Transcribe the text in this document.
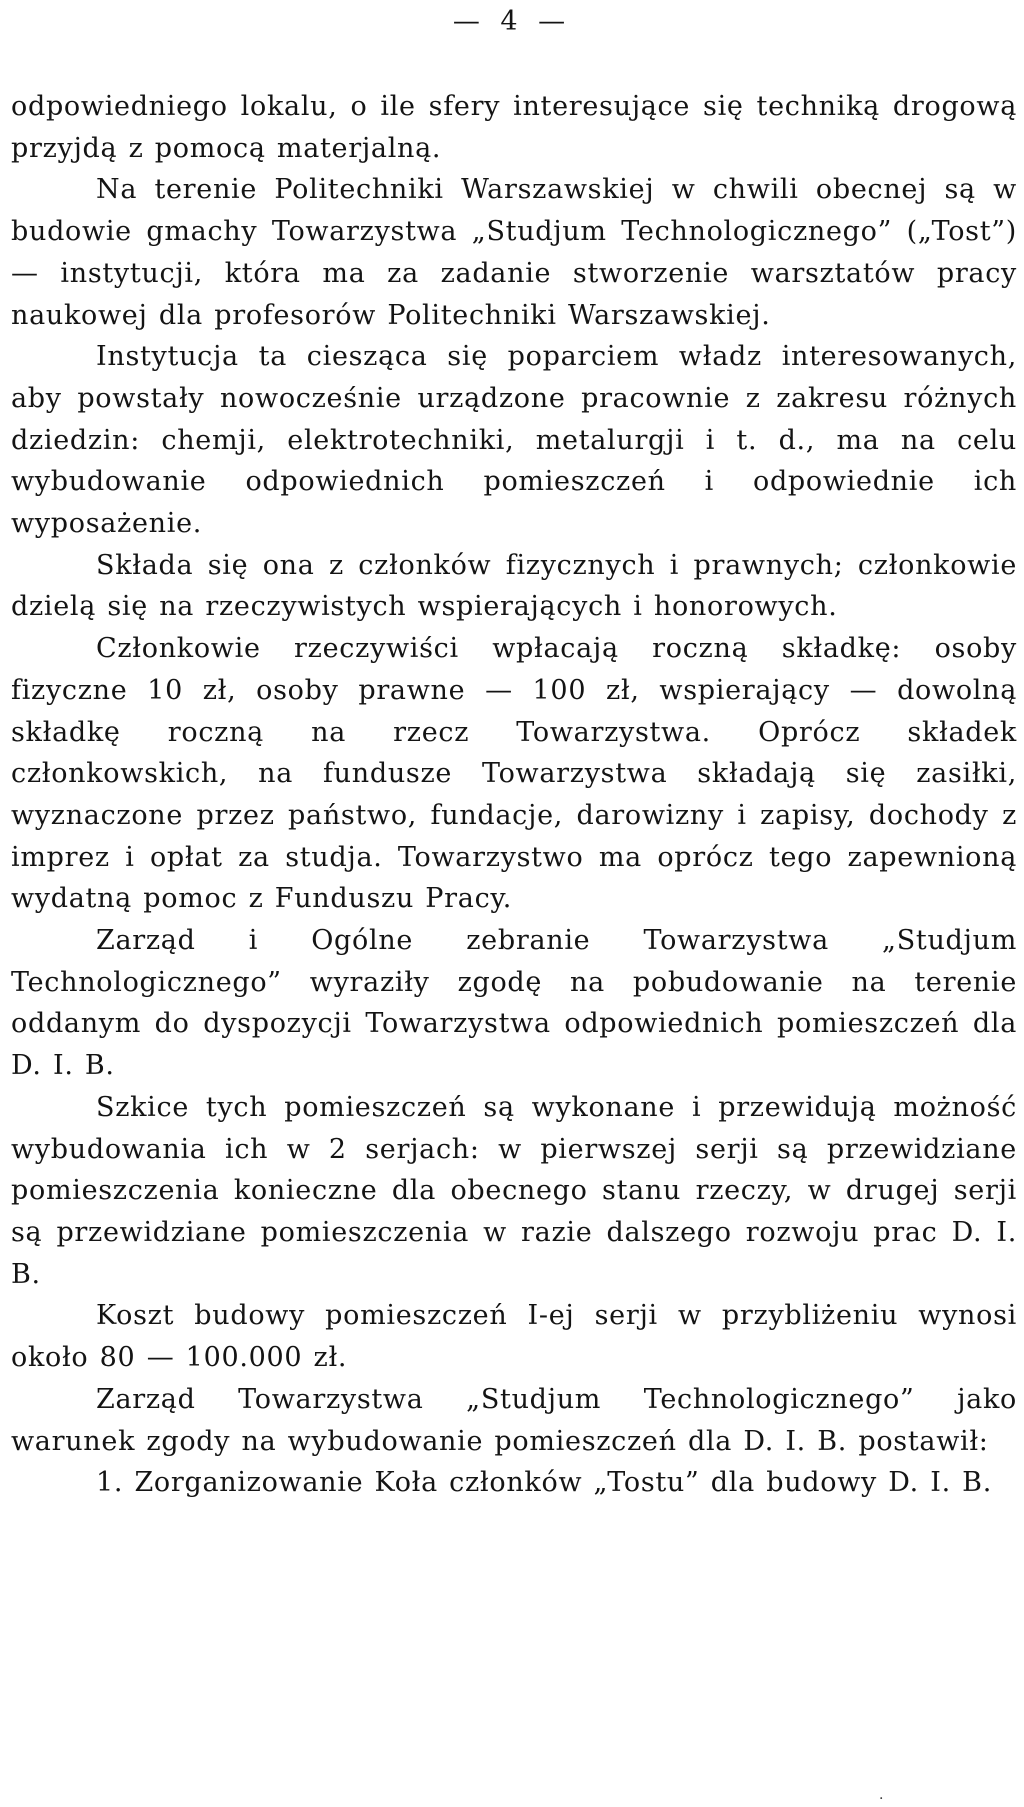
— 4 —

odpowiedniego lokalu, o ile sfery interesujące się techniką drogową przyjdą z pomocą materjalną.

Na terenie Politechniki Warszawskiej w chwili obecnej są w budowie gmachy Towarzystwa „Studjum Technologicznego” („Tost”) — instytucji, która ma za zadanie stworzenie warsztatów pracy naukowej dla profesorów Politechniki Warszawskiej.

Instytucja ta ciesząca się poparciem władz interesowanych, aby powstały nowocześnie urządzone pracownie z zakresu różnych dziedzin: chemji, elektrotechniki, metalurgji i t. d., ma na celu wybudowanie odpowiednich pomieszczeń i odpowiednie ich wyposażenie.

Składa się ona z członków fizycznych i prawnych; członkowie dzielą się na rzeczywistych wspierających i honorowych.

Członkowie rzeczywiści wpłacają roczną składkę: osoby fizyczne 10 zł, osoby prawne — 100 zł, wspierający — dowolną składkę roczną na rzecz Towarzystwa. Oprócz składek członkowskich, na fundusze Towarzystwa składają się zasiłki, wyznaczone przez państwo, fundacje, darowizny i zapisy, dochody z imprez i opłat za studja. Towarzystwo ma oprócz tego zapewnioną wydatną pomoc z Funduszu Pracy.

Zarząd i Ogólne zebranie Towarzystwa „Studjum Technologicznego” wyraziły zgodę na pobudowanie na terenie oddanym do dyspozycji Towarzystwa odpowiednich pomieszczeń dla D. I. B.

Szkice tych pomieszczeń są wykonane i przewidują możność wybudowania ich w 2 serjach: w pierwszej serji są przewidziane pomieszczenia konieczne dla obecnego stanu rzeczy, w drugej serji są przewidziane pomieszczenia w razie dalszego rozwoju prac D. I. B.

Koszt budowy pomieszczeń I-ej serji w przybliżeniu wynosi około 80 — 100.000 zł.

Zarząd Towarzystwa „Studjum Technologicznego” jako warunek zgody na wybudowanie pomieszczeń dla D. I. B. postawił:

1. Zorganizowanie Koła członków „Tostu” dla budowy D. I. B.

·
